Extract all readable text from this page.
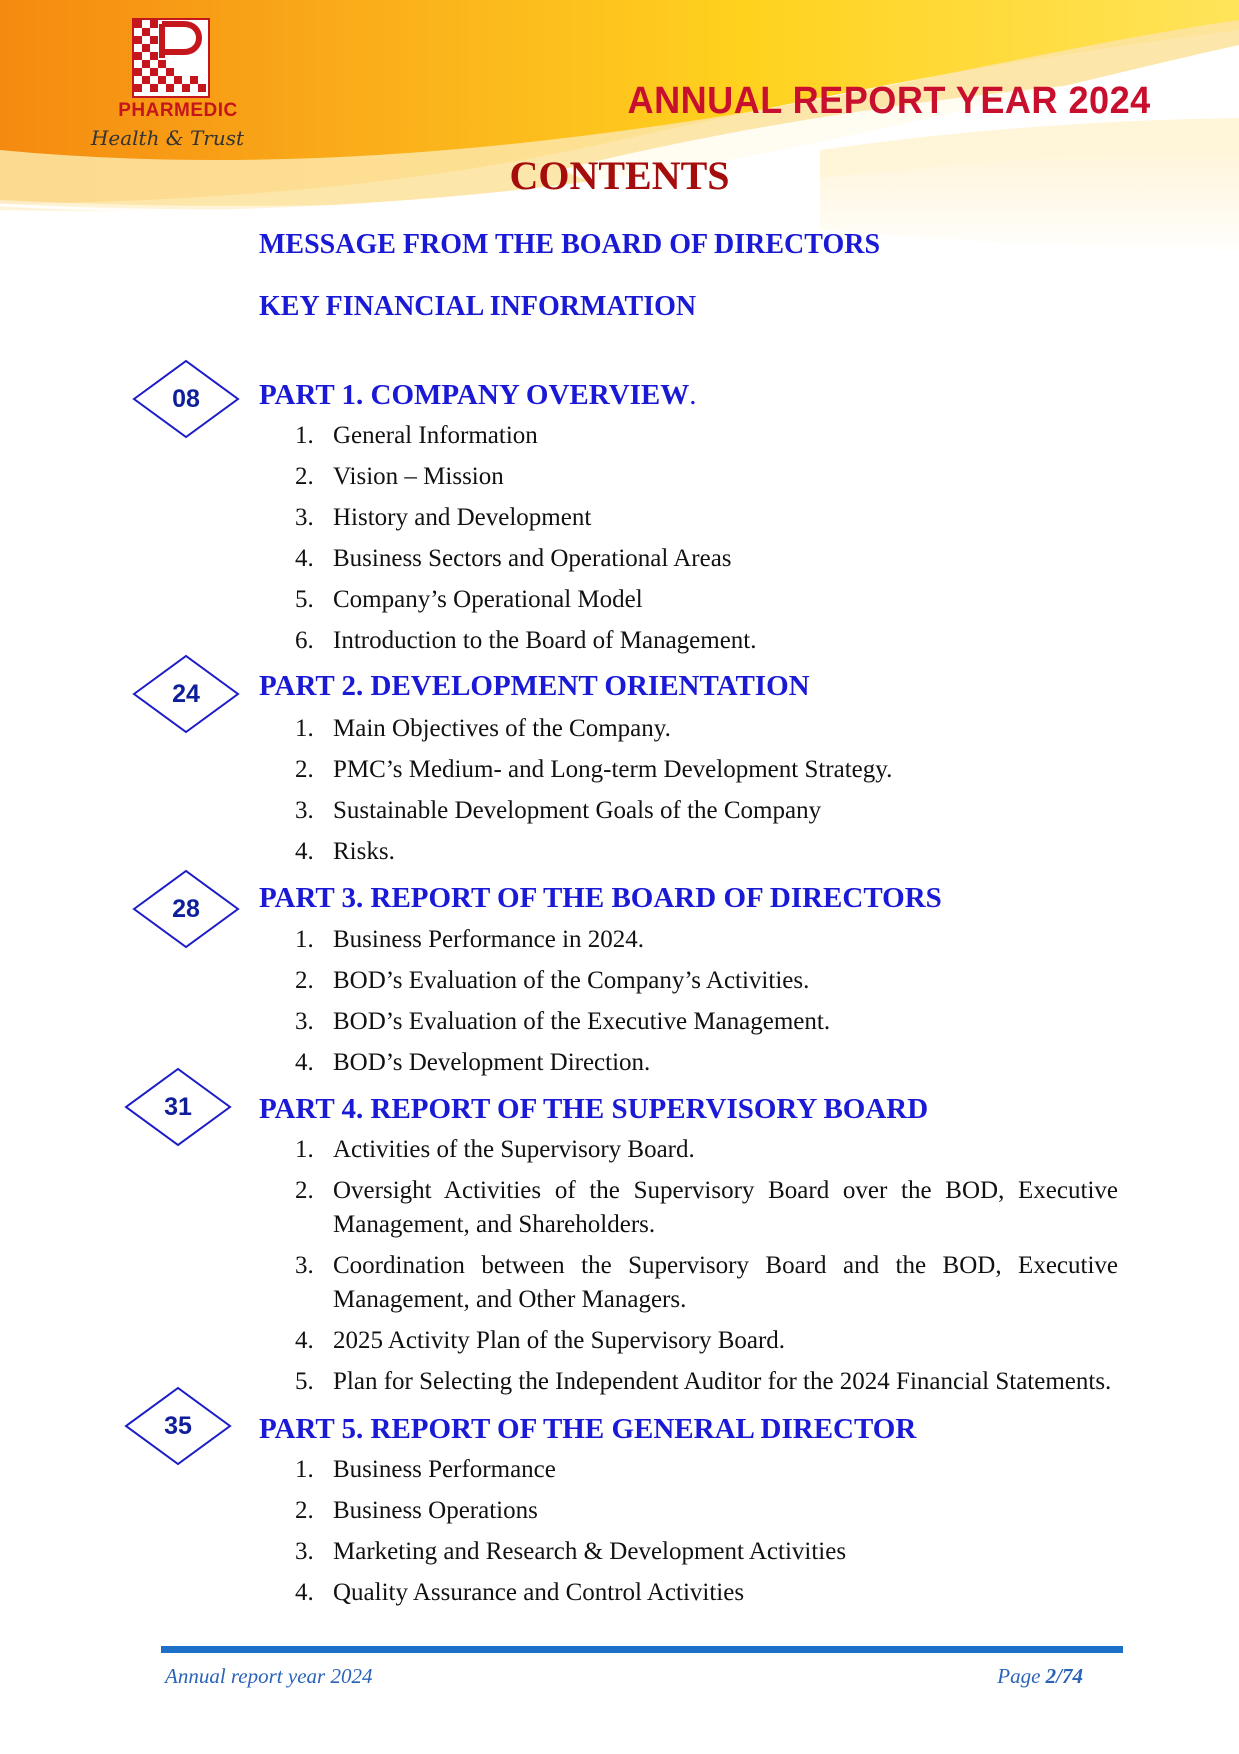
PHARMEDIC
Health & Trust
ANNUAL REPORT YEAR 2024
CONTENTS
MESSAGE FROM THE BOARD OF DIRECTORS
KEY FINANCIAL INFORMATION
08	PART 1. COMPANY OVERVIEW.
1. General Information
2. Vision – Mission
3. History and Development
4. Business Sectors and Operational Areas
5. Company’s Operational Model
6. Introduction to the Board of Management.
24	PART 2. DEVELOPMENT ORIENTATION
1. Main Objectives of the Company.
2. PMC’s Medium- and Long-term Development Strategy.
3. Sustainable Development Goals of the Company
4. Risks.
28	PART 3. REPORT OF THE BOARD OF DIRECTORS
1. Business Performance in 2024.
2. BOD’s Evaluation of the Company’s Activities.
3. BOD’s Evaluation of the Executive Management.
4. BOD’s Development Direction.
31	PART 4. REPORT OF THE SUPERVISORY BOARD
1. Activities of the Supervisory Board.
2. Oversight Activities of the Supervisory Board over the BOD, Executive Management, and Shareholders.
3. Coordination between the Supervisory Board and the BOD, Executive Management, and Other Managers.
4. 2025 Activity Plan of the Supervisory Board.
5. Plan for Selecting the Independent Auditor for the 2024 Financial Statements.
35	PART 5. REPORT OF THE GENERAL DIRECTOR
1. Business Performance
2. Business Operations
3. Marketing and Research & Development Activities
4. Quality Assurance and Control Activities
Annual report year 2024	Page 2/74
